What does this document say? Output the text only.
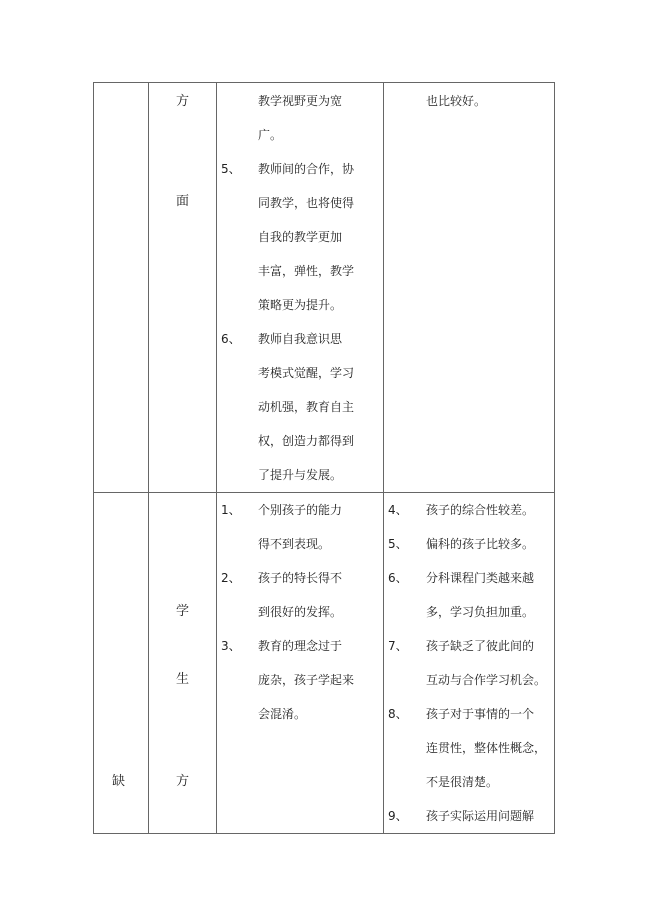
方
面
教学视野更为宽
广。
5、 教师间的合作，协
同教学，也将使得
自我的教学更加
丰富，弹性，教学
策略更为提升。
6、 教师自我意识思
考模式觉醒，学习
动机强，教育自主
权，创造力都得到
了提升与发展。
也比较好。
缺
学
生
方
1、 个别孩子的能力
得不到表现。
2、 孩子的特长得不
到很好的发挥。
3、 教育的理念过于
庞杂，孩子学起来
会混淆。
4、 孩子的综合性较差。
5、 偏科的孩子比较多。
6、 分科课程门类越来越
多，学习负担加重。
7、 孩子缺乏了彼此间的
互动与合作学习机会。
8、 孩子对于事情的一个
连贯性，整体性概念，
不是很清楚。
9、 孩子实际运用问题解
